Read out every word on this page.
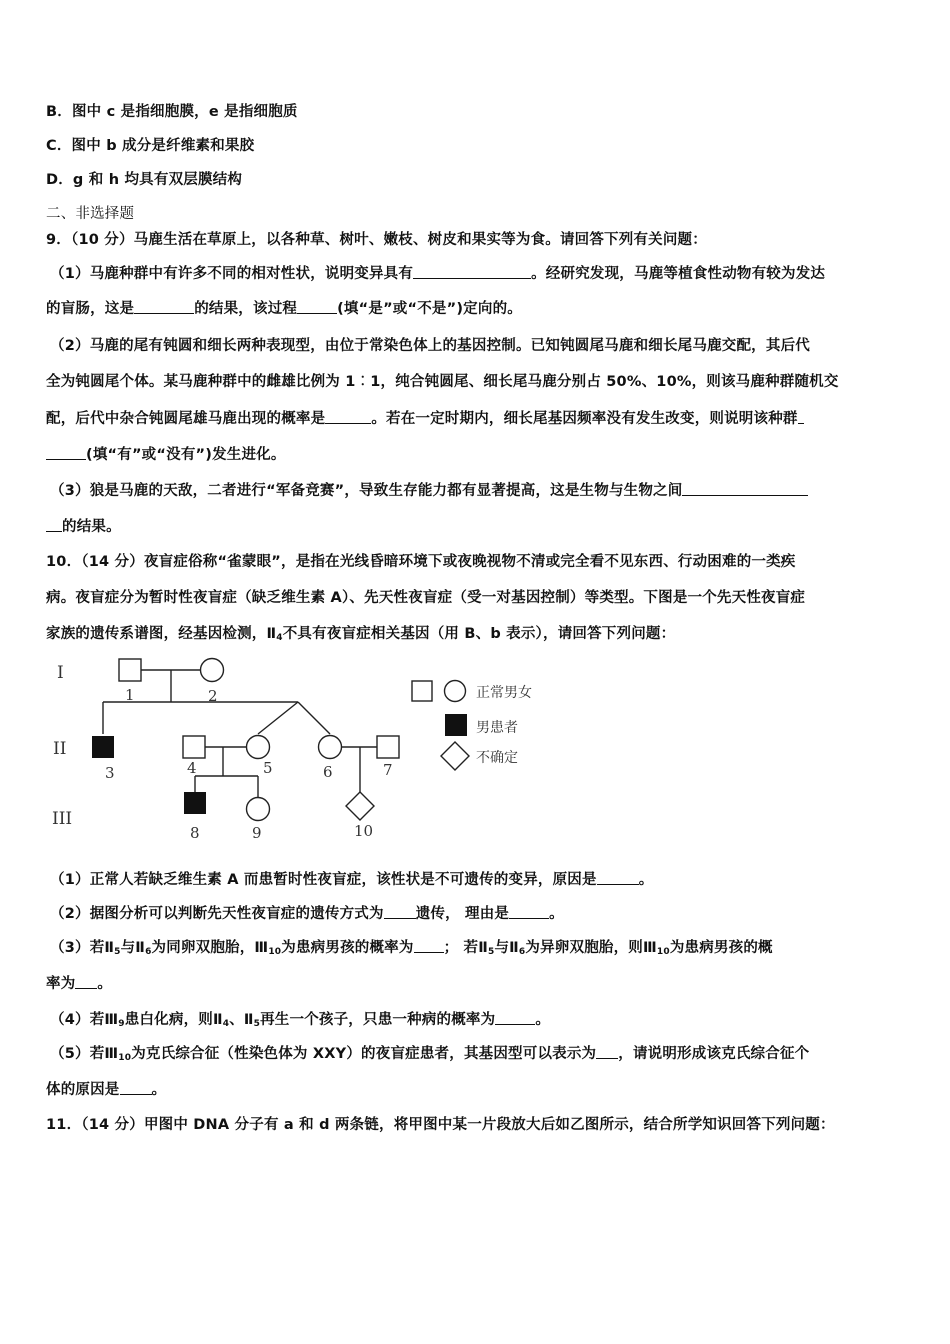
B．图中 c 是指细胞膜，e 是指细胞质
C．图中 b 成分是纤维素和果胶
D．g 和 h 均具有双层膜结构
二、非选择题
9．（10 分）马鹿生活在草原上，以各种草、树叶、嫩枝、树皮和果实等为食。请回答下列有关问题：
（1）马鹿种群中有许多不同的相对性状，说明变异具有	。经研究发现，马鹿等植食性动物有较为发达
的盲肠，这是	的结果，该过程	(填“是”或“不是”)定向的。
（2）马鹿的尾有钝圆和细长两种表现型，由位于常染色体上的基因控制。已知钝圆尾马鹿和细长尾马鹿交配，其后代
全为钝圆尾个体。某马鹿种群中的雌雄比例为 1︰1，纯合钝圆尾、细长尾马鹿分别占 50%、10%，则该马鹿种群随机交
配，后代中杂合钝圆尾雄马鹿出现的概率是	。若在一定时期内，细长尾基因频率没有发生改变，则说明该种群
(填“有”或“没有”)发生进化。
（3）狼是马鹿的天敌，二者进行“军备竞赛”，导致生存能力都有显著提高，这是生物与生物之间
的结果。
10．（14 分）夜盲症俗称“雀蒙眼”，是指在光线昏暗环境下或夜晚视物不清或完全看不见东西、行动困难的一类疾
病。夜盲症分为暂时性夜盲症（缺乏维生素 A）、先天性夜盲症（受一对基因控制）等类型。下图是一个先天性夜盲症
家族的遗传系谱图，经基因检测，$Ⅱ_4$不具有夜盲症相关基因（用 B、b 表示），请回答下列问题：
I
II
III
1	2
3	4	5	6	7
8	9	10
正常男女
男患者
不确定
（1）正常人若缺乏维生素 A 而患暂时性夜盲症，该性状是不可遗传的变异，原因是	。
（2）据图分析可以判断先天性夜盲症的遗传方式为 遗传， 理由是	。
（3）若$Ⅱ_5$与$Ⅱ_6$为同卵双胞胎，$Ⅲ_{10}$为患病男孩的概率为 ； 若$Ⅱ_5$与$Ⅱ_6$为异卵双胞胎，则$Ⅲ_{10}$为患病男孩的概
率为 。
（4）若$Ⅲ_9$患白化病，则$Ⅱ_4$、$Ⅱ_5$再生一个孩子，只患一种病的概率为	。
（5）若$Ⅲ_{10}$为克氏综合征（性染色体为 XXY）的夜盲症患者，其基因型可以表示为 ，请说明形成该克氏综合征个
体的原因是 。
11．（14 分）甲图中 DNA 分子有 a 和 d 两条链，将甲图中某一片段放大后如乙图所示，结合所学知识回答下列问题：
